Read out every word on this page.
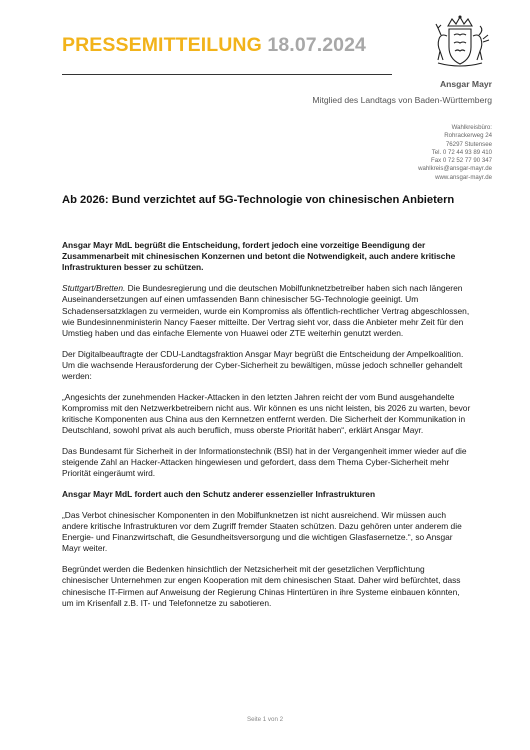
PRESSEMITTEILUNG 18.07.2024
Ansgar Mayr
Mitglied des Landtags von Baden-Württemberg
Wahlkreisbüro:
Rohrackerweg 24
76297 Stutensee
Tel. 0 72 44 93 89 410
Fax 0 72 52 77 90 347
wahlkreis@ansgar-mayr.de
www.ansgar-mayr.de
Ab 2026: Bund verzichtet auf 5G-Technologie von chinesischen Anbietern

Ansgar Mayr MdL begrüßt die Entscheidung, fordert jedoch eine vorzeitige Beendigung der Zusammenarbeit mit chinesischen Konzernen und betont die Notwendigkeit, auch andere kritische Infrastrukturen besser zu schützen.

Stuttgart/Bretten. Die Bundesregierung und die deutschen Mobilfunknetzbetreiber haben sich nach längeren Auseinandersetzungen auf einen umfassenden Bann chinesischer 5G-Technologie geeinigt. Um Schadensersatzklagen zu vermeiden, wurde ein Kompromiss als öffentlich-rechtlicher Vertrag abgeschlossen, wie Bundesinnenministerin Nancy Faeser mitteilte. Der Vertrag sieht vor, dass die Anbieter mehr Zeit für den Umstieg haben und das einfache Elemente von Huawei oder ZTE weiterhin genutzt werden.

Der Digitalbeauftragte der CDU-Landtagsfraktion Ansgar Mayr begrüßt die Entscheidung der Ampelkoalition. Um die wachsende Herausforderung der Cyber-Sicherheit zu bewältigen, müsse jedoch schneller gehandelt werden:

„Angesichts der zunehmenden Hacker-Attacken in den letzten Jahren reicht der vom Bund ausgehandelte Kompromiss mit den Netzwerkbetreibern nicht aus. Wir können es uns nicht leisten, bis 2026 zu warten, bevor kritische Komponenten aus China aus den Kernnetzen entfernt werden. Die Sicherheit der Kommunikation in Deutschland, sowohl privat als auch beruflich, muss oberste Priorität haben“, erklärt Ansgar Mayr.

Das Bundesamt für Sicherheit in der Informationstechnik (BSI) hat in der Vergangenheit immer wieder auf die steigende Zahl an Hacker-Attacken hingewiesen und gefordert, dass dem Thema Cyber-Sicherheit mehr Priorität eingeräumt wird.

Ansgar Mayr MdL fordert auch den Schutz anderer essenzieller Infrastrukturen

„Das Verbot chinesischer Komponenten in den Mobilfunknetzen ist nicht ausreichend. Wir müssen auch andere kritische Infrastrukturen vor dem Zugriff fremder Staaten schützen. Dazu gehören unter anderem die Energie- und Finanzwirtschaft, die Gesundheitsversorgung und die wichtigen Glasfasernetze.“, so Ansgar Mayr weiter.

Begründet werden die Bedenken hinsichtlich der Netzsicherheit mit der gesetzlichen Verpflichtung chinesischer Unternehmen zur engen Kooperation mit dem chinesischen Staat. Daher wird befürchtet, dass chinesische IT-Firmen auf Anweisung der Regierung Chinas Hintertüren in ihre Systeme einbauen könnten, um im Krisenfall z.B. IT- und Telefonnetze zu sabotieren.

Seite 1 von 2
